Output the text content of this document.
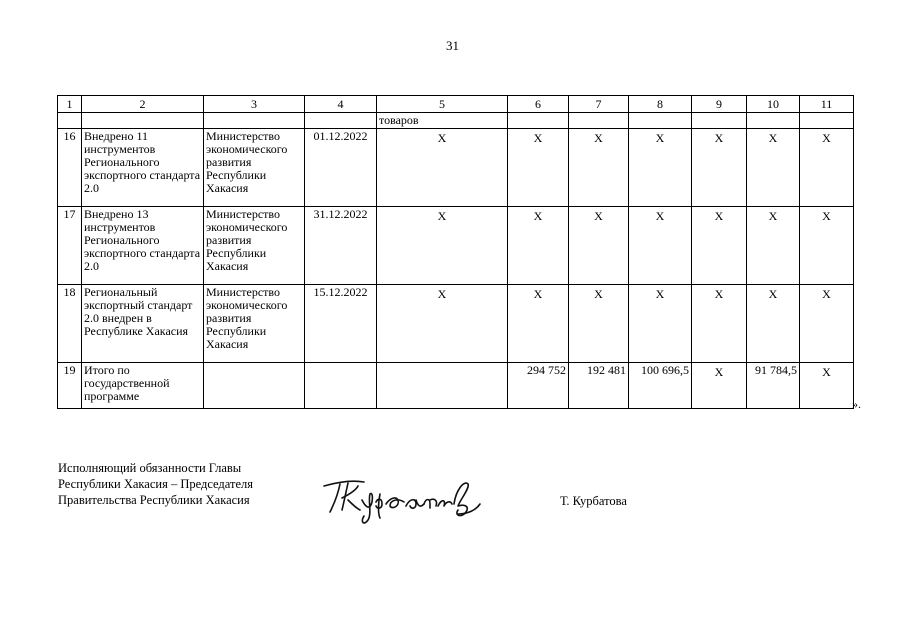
31
1	2	3	4	5	6	7	8	9	10	11
				товаров						
16	Внедрено 11 инструментов Регионального экспортного стандарта 2.0	Министерство экономического развития Республики Хакасия	01.12.2022	X	X	X	X	X	X	X
17	Внедрено 13 инструментов Регионального экспортного стандарта 2.0	Министерство экономического развития Республики Хакасия	31.12.2022	X	X	X	X	X	X	X
18	Региональный экспортный стандарт 2.0 внедрен в Республике Хакасия	Министерство экономического развития Республики Хакасия	15.12.2022	X	X	X	X	X	X	X
19	Итого по государственной программе				294 752	192 481	100 696,5	X	91 784,5	X
».
Исполняющий обязанности Главы
Республики Хакасия – Председателя
Правительства Республики Хакасия	Т. Курбатова
